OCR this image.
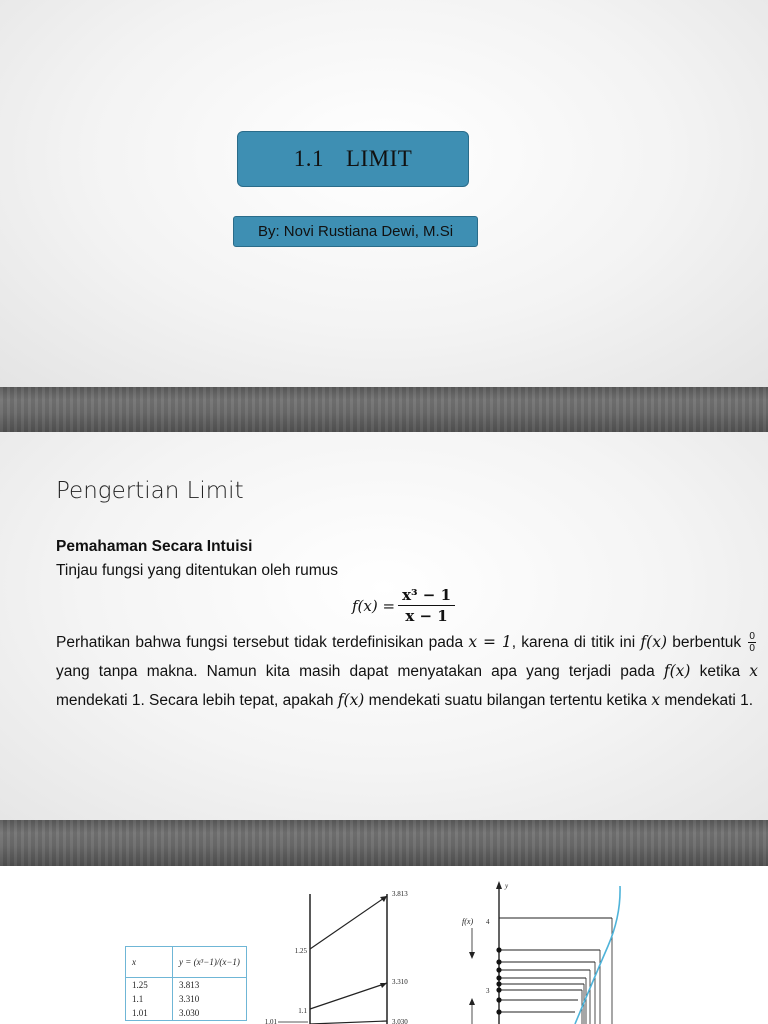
1.1 LIMIT
By: Novi Rustiana Dewi, M.Si
Pengertian Limit
Pemahaman Secara Intuisi
Tinjau fungsi yang ditentukan oleh rumus
$f(x) = \frac{\text{x³ − 1}}{x - 1}$
Perhatikan bahwa fungsi tersebut tidak terdefinisikan pada x = 1, karena di titik ini f(x) berbentuk $\frac{0}{0}$
yang tanpa makna. Namun kita masih dapat menyatakan apa yang terjadi pada f(x) ketika x mendekati 1. Secara lebih tepat, apakah f(x) mendekati suatu bilangan tertentu ketika x mendekati 1.
x	y = (x³−1)/(x−1)
1.25	3.813
1.1	3.310
1.01	3.030
1.25
1.1
1.01
3.813
3.310
3.030
y
f(x) 4
3
